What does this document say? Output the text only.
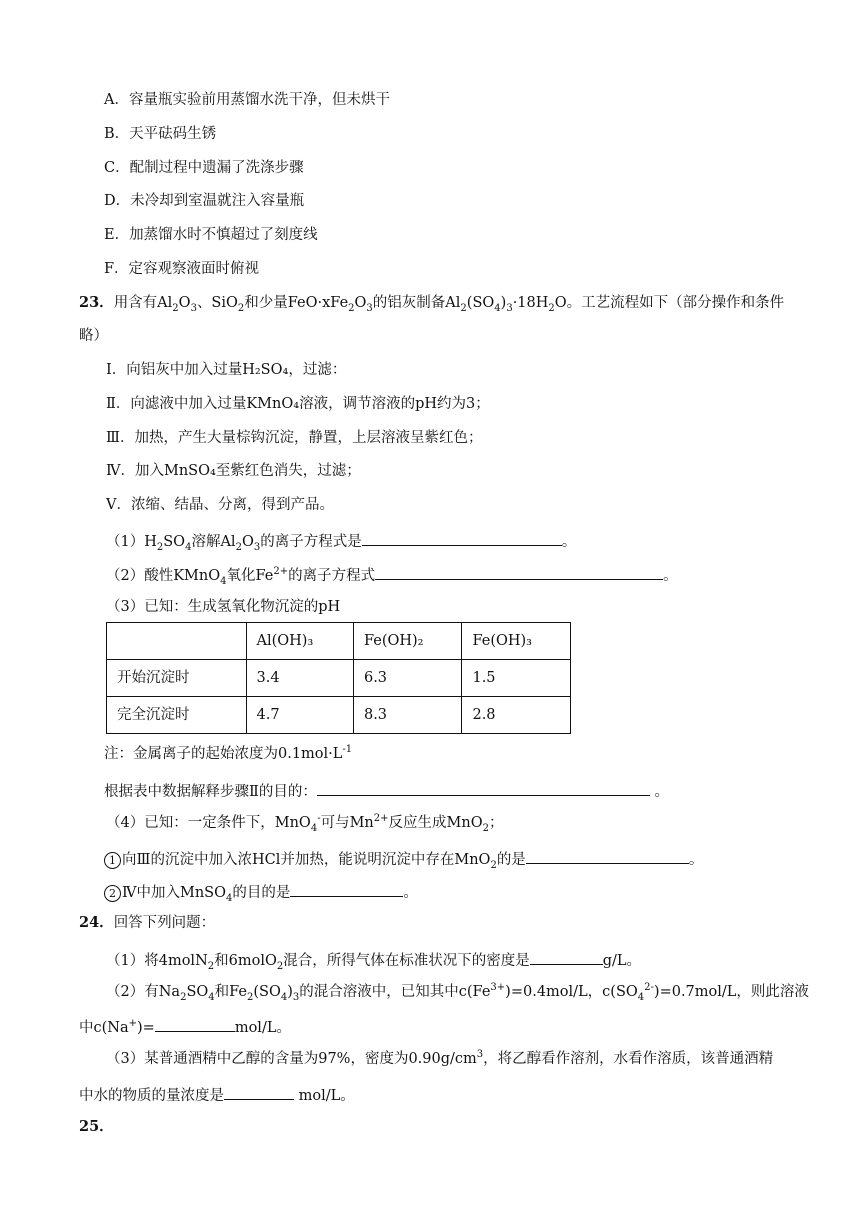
A．容量瓶实验前用蒸馏水洗干净，但未烘干
B．天平砝码生锈
C．配制过程中遗漏了洗涤步骤
D．未冷却到室温就注入容量瓶
E．加蒸馏水时不慎超过了刻度线
F．定容观察液面时俯视
23．用含有$Al_2O_3$、SiO$_2$和少量$FeO\cdot xFe_2O_3$的铝灰制备$Al_2(SO_4)_3\cdot 18H_2O$。工艺流程如下（部分操作和条件
略）
Ⅰ．向铝灰中加入过量H₂SO₄，过滤：
Ⅱ．向滤液中加入过量KMnO₄溶液，调节溶液的pH约为3；
Ⅲ．加热，产生大量棕钩沉淀，静置，上层溶液呈紫红色；
Ⅳ．加入MnSO₄至紫红色消失，过滤；
Ⅴ．浓缩、结晶、分离，得到产品。
$(1)H_2SO_4$溶解$Al_2O_3$的离子方程式是	。
（2）酸性KMnO$_4$氧化$Fe^{2+}$的离子方程式	。
（3）已知：生成氢氧化物沉淀的pH
	Al(OH)₃	Fe(OH)₂	Fe(OH)₃
开始沉淀时	3.4	6.3	1.5
完全沉淀时	4.7	8.3	2.8
注：金属离子的起始浓度为$0.1mol\cdot L^{-1}$
根据表中数据解释步骤Ⅱ的目的：	。
（4）已知：一定条件下，MnO$_4$-可与$Mn^{2+}$反应生成MnO$_2$；
1 向Ⅲ的沉淀中加入浓HCl并加热，能说明沉淀中存在MnO$_2$的是	。
2 Ⅳ中加入MnSO$_4$的目的是	。
24．回答下列问题：
（1）将4molN$_2$和6molO$_2$混合，所得气体在标准状况下的密度是	g/L。
（2）有$Na_2SO_4$和$Fe_2(SO_4)_3$的混合溶液中，已知其中$c(Fe^{3+})=0.4mol/L$，$c(SO_4^{2-})=0.7mol/L$，则此溶液
中c(Na+)=	mol/L。
（3）某普通酒精中乙醇的含量为97%，密度为$0.90g/cm^3$，将乙醇看作溶剂，水看作溶质，该普通酒精
中水的物质的量浓度是	mol/L。
25．
